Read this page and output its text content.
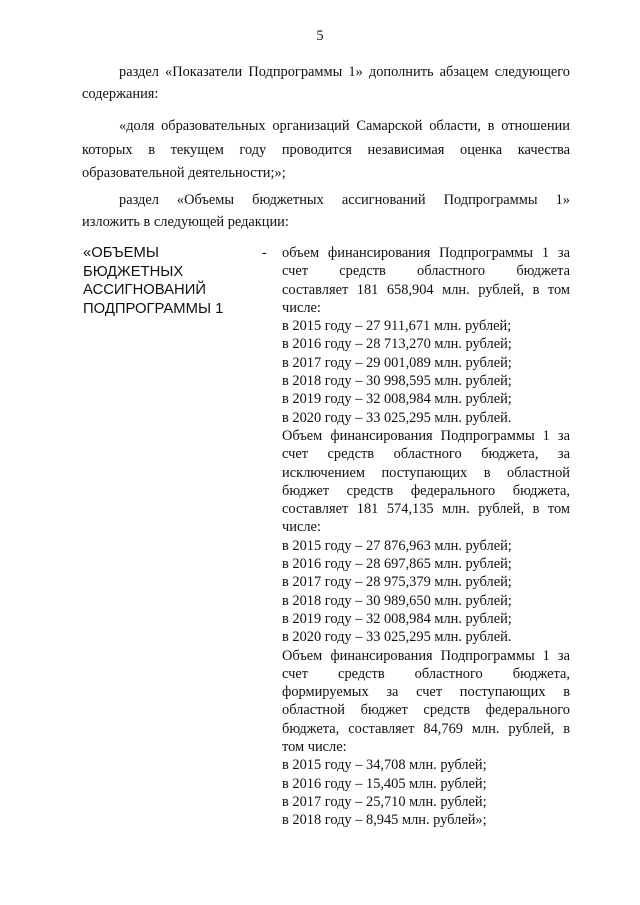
5
раздел «Показатели Подпрограммы 1» дополнить абзацем следующего
содержания:
«доля образовательных организаций Самарской области, в отношении
которых в текущем году проводится независимая оценка качества
образовательной деятельности;»;
раздел «Объемы бюджетных ассигнований Подпрограммы 1»
изложить в следующей редакции:
«ОБЪЕМЫ
БЮДЖЕТНЫХ
АССИГНОВАНИЙ
ПОДПРОГРАММЫ 1
- объем финансирования Подпрограммы 1 за
счет средств областного бюджета
составляет 181 658,904 млн. рублей, в том
числе:
в 2015 году – 27 911,671 млн. рублей;
в 2016 году – 28 713,270 млн. рублей;
в 2017 году – 29 001,089 млн. рублей;
в 2018 году – 30 998,595 млн. рублей;
в 2019 году – 32 008,984 млн. рублей;
в 2020 году – 33 025,295 млн. рублей.
Объем финансирования Подпрограммы 1 за
счет средств областного бюджета, за
исключением поступающих в областной
бюджет средств федерального бюджета,
составляет 181 574,135 млн. рублей, в том
числе:
в 2015 году – 27 876,963 млн. рублей;
в 2016 году – 28 697,865 млн. рублей;
в 2017 году – 28 975,379 млн. рублей;
в 2018 году – 30 989,650 млн. рублей;
в 2019 году – 32 008,984 млн. рублей;
в 2020 году – 33 025,295 млн. рублей.
Объем финансирования Подпрограммы 1 за
счет средств областного бюджета,
формируемых за счет поступающих в
областной бюджет средств федерального
бюджета, составляет 84,769 млн. рублей, в
том числе:
в 2015 году – 34,708 млн. рублей;
в 2016 году – 15,405 млн. рублей;
в 2017 году – 25,710 млн. рублей;
в 2018 году – 8,945 млн. рублей»;
